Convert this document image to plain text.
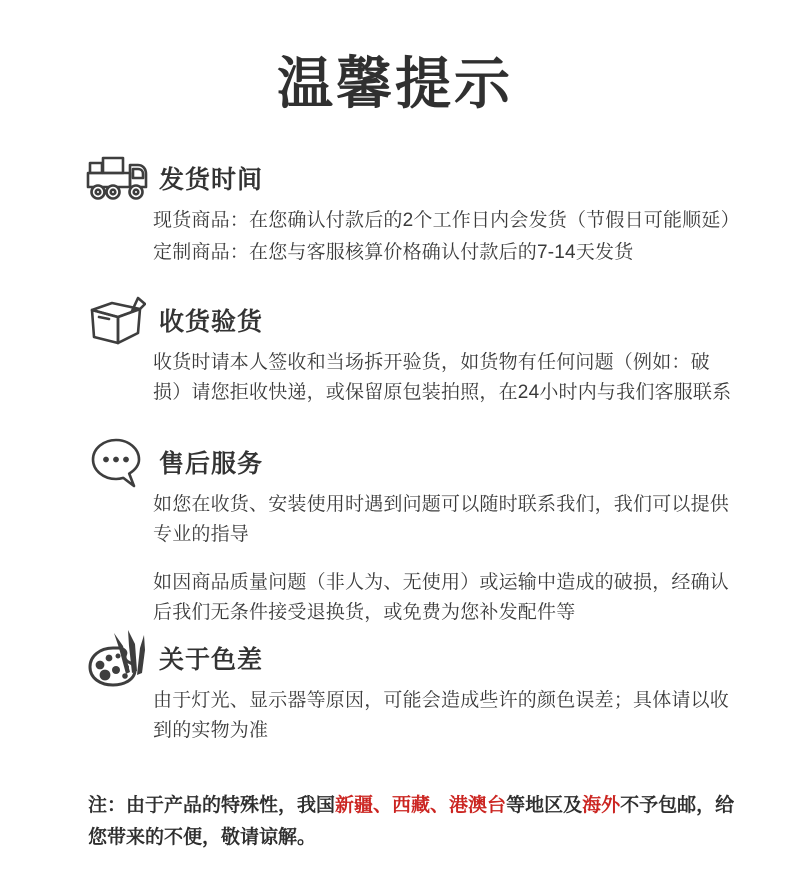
温馨提示
发货时间

现货商品：在您确认付款后的2个工作日内会发货（节假日可能顺延）

定制商品：在您与客服核算价格确认付款后的7-14天发货

收货验货

收货时请本人签收和当场拆开验货，如货物有任何问题（例如：破损）请您拒收快递，或保留原包装拍照，在24小时内与我们客服联系

售后服务

如您在收货、安装使用时遇到问题可以随时联系我们，我们可以提供专业的指导

如因商品质量问题（非人为、无使用）或运输中造成的破损，经确认后我们无条件接受退换货，或免费为您补发配件等

关于色差

由于灯光、显示器等原因，可能会造成些许的颜色误差；具体请以收到的实物为准

注：由于产品的特殊性，我国新疆、西藏、港澳台等地区及海外不予包邮，给您带来的不便，敬请谅解。
